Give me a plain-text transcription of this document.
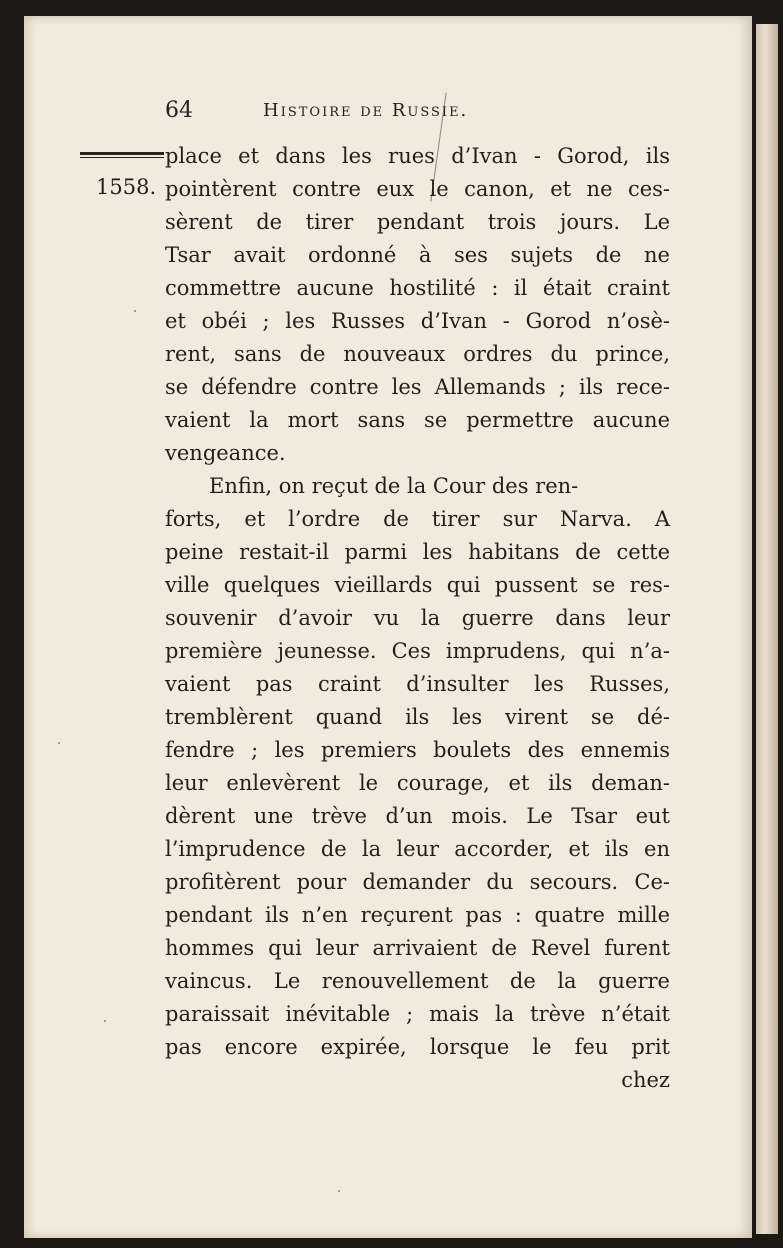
64	Histoire de Russie.
1558.
place et dans les rues d’Ivan - Gorod, ils
pointèrent contre eux le canon, et ne ces-
sèrent de tirer pendant trois jours. Le
Tsar avait ordonné à ses sujets de ne
commettre aucune hostilité : il était craint
et obéi ; les Russes d’Ivan - Gorod n’osè-
rent, sans de nouveaux ordres du prince,
se défendre contre les Allemands ; ils rece-
vaient la mort sans se permettre aucune
vengeance.
Enfin, on reçut de la Cour des ren-
forts, et l’ordre de tirer sur Narva. A
peine restait-il parmi les habitans de cette
ville quelques vieillards qui pussent se res-
souvenir d’avoir vu la guerre dans leur
première jeunesse. Ces imprudens, qui n’a-
vaient pas craint d’insulter les Russes,
tremblèrent quand ils les virent se dé-
fendre ; les premiers boulets des ennemis
leur enlevèrent le courage, et ils deman-
dèrent une trève d’un mois. Le Tsar eut
l’imprudence de la leur accorder, et ils en
profitèrent pour demander du secours. Ce-
pendant ils n’en reçurent pas : quatre mille
hommes qui leur arrivaient de Revel furent
vaincus. Le renouvellement de la guerre
paraissait inévitable ; mais la trève n’était
pas encore expirée, lorsque le feu prit
chez
